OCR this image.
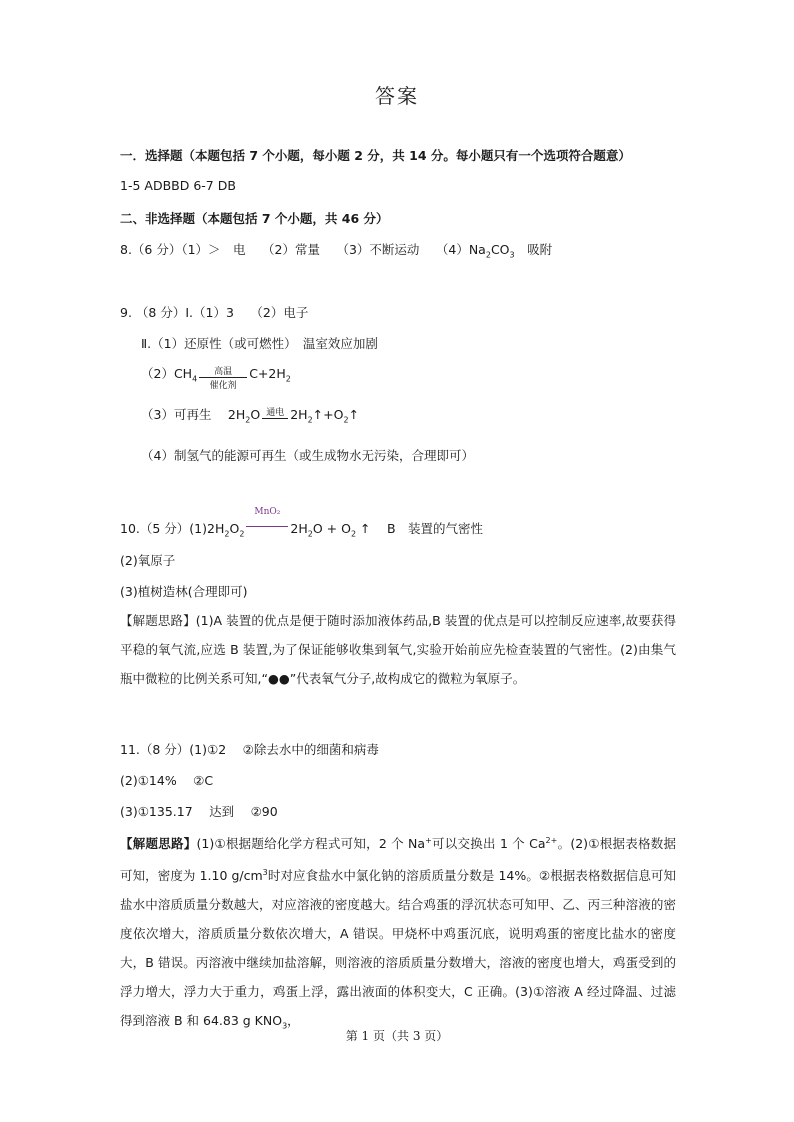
答案
一．选择题（本题包括 7 个小题，每小题 2 分，共 14 分。每小题只有一个选项符合题意）
1-5 ADBBD 6-7 DB
二、非选择题（本题包括 7 个小题，共 46 分）
8.（6 分）（1）＞　电　 （2）常量　 （3）不断运动　 $(4)Na_2CO_3$　吸附
9. （8 分）Ⅰ.（1）3　 （2）电子
Ⅱ.（1）还原性（或可燃性）　温室效应加剧
$(2)CH_4$
高温
催化剂
$C+2H_2$
（3）可再生　 $2H_2O$ 通电 $2H_2↑+O_2↑$
（4）制氢气的能源可再生（或生成物水无污染，合理即可）
10.（5 分）$(1)2H_2O_2$
MnO₂
$2H_2O + O_2$ ↑　 B　装置的气密性
(2)氧原子
(3)植树造林(合理即可)
【解题思路】(1)A 装置的优点是便于随时添加液体药品,B 装置的优点是可以控制反应速率,故要获得平稳的氧气流,应选 B 装置,为了保证能够收集到氧气,实验开始前应先检查装置的气密性。(2)由集气瓶中微粒的比例关系可知,“●●”代表氧气分子,故构成它的微粒为氧原子。
11.（8 分）(1)①2　 ②除去水中的细菌和病毒
(2)①14%　 ②C
(3)①135.17　 达到　 ②90
【解题思路】(1)①根据题给化学方程式可知，2 个 Na+可以交换出 1 个 $Ca^{2+}$。(2)①根据表格数据可知，密度为 1.10 $g/cm^3$时对应食盐水中氯化钠的溶质质量分数是 14%。②根据表格数据信息可知盐水中溶质质量分数越大，对应溶液的密度越大。结合鸡蛋的浮沉状态可知甲、乙、丙三种溶液的密度依次增大，溶质质量分数依次增大，A 错误。甲烧杯中鸡蛋沉底，说明鸡蛋的密度比盐水的密度大，B 错误。丙溶液中继续加盐溶解，则溶液的溶质质量分数增大，溶液的密度也增大，鸡蛋受到的浮力增大，浮力大于重力，鸡蛋上浮，露出液面的体积变大，C 正确。(3)①溶液 A 经过降温、过滤得到溶液 B 和 64.83 g $KNO_3$，
第 1 页（共 3 页）
